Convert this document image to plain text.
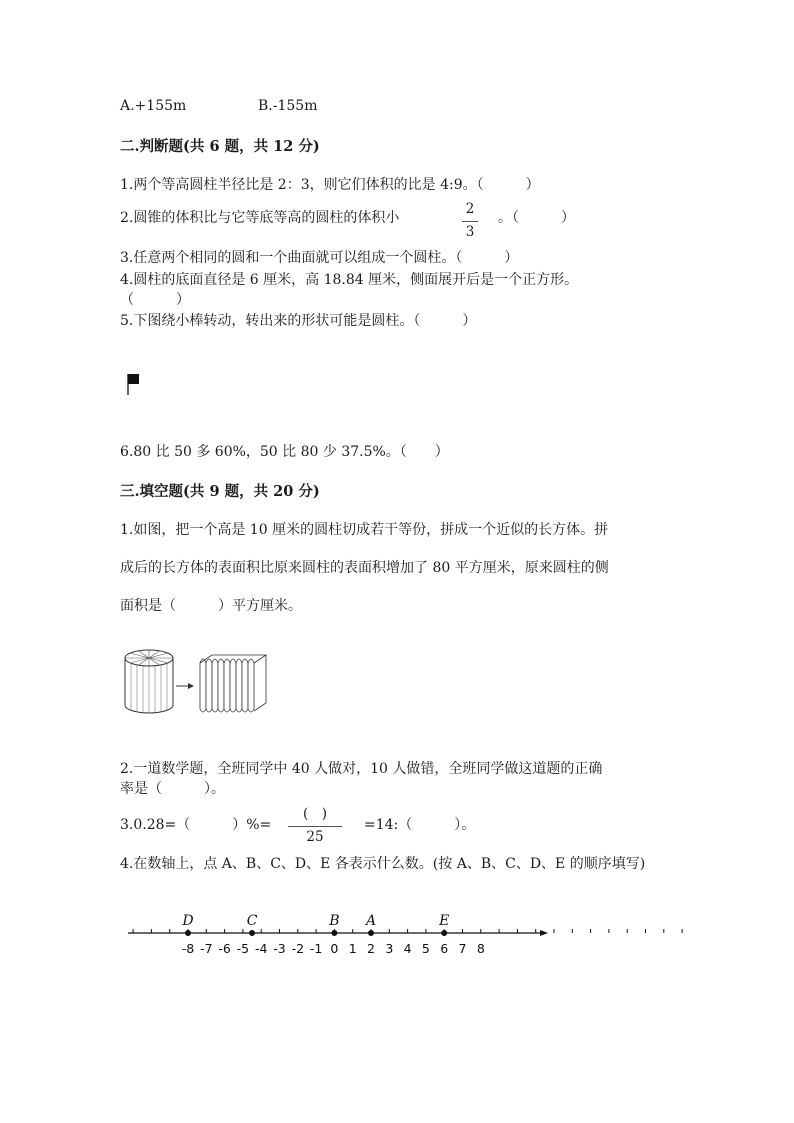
A.+155m	B.-155m
二.判断题(共 6 题，共 12 分)
1.两个等高圆柱半径比是 2：3，则它们体积的比是 4:9。（　　　）
2.圆锥的体积比与它等底等高的圆柱的体积小
2
3
。（　　　）
3.任意两个相同的圆和一个曲面就可以组成一个圆柱。（　　　）
4.圆柱的底面直径是 6 厘米，高 18.84 厘米，侧面展开后是一个正方形。
（　　　）
5.下图绕小棒转动，转出来的形状可能是圆柱。（　　　）
6.80 比 50 多 60%，50 比 80 少 37.5%。（　　）
三.填空题(共 9 题，共 20 分)
1.如图，把一个高是 10 厘米的圆柱切成若干等份，拼成一个近似的长方体。拼
成后的长方体的表面积比原来圆柱的表面积增加了 80 平方厘米，原来圆柱的侧
面积是（　　　）平方厘米。
2.一道数学题，全班同学中 40 人做对，10 人做错，全班同学做这道题的正确
率是（　　　）。
3.0.28=（　　　）%=
(　)
25
=14:（　　　）。
4.在数轴上，点 A、B、C、D、E 各表示什么数。(按 A、B、C、D、E 的顺序填写)
-8 -7 -6 -5 -4 -3 -2 -1 0 1 2 3 4 5 6 7 8
D	C	B A	E
